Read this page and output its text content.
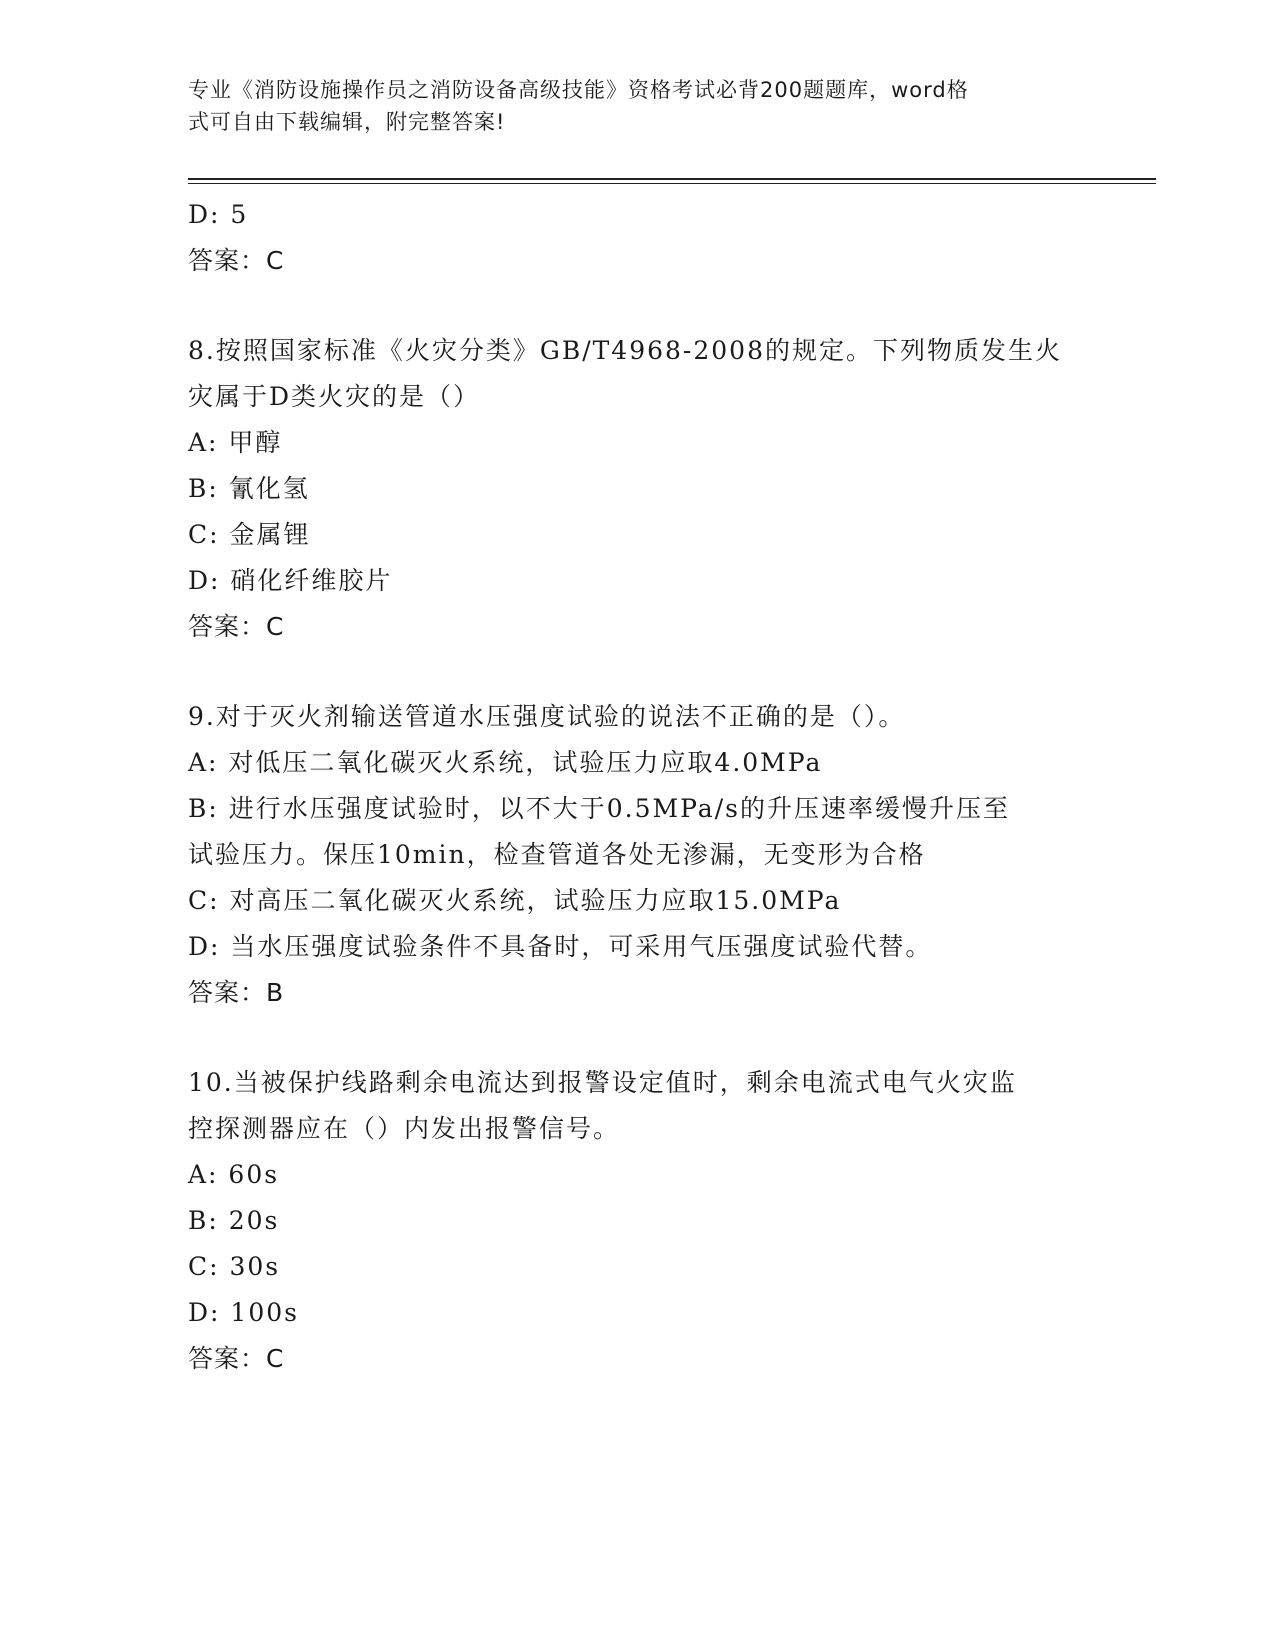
专业《消防设施操作员之消防设备高级技能》资格考试必背200题题库，word格
式可自由下载编辑，附完整答案!
D: 5
答案：C
8.按照国家标准《火灾分类》GB/T4968-2008的规定。下列物质发生火
灾属于D类火灾的是（）
A: 甲醇
B: 氰化氢
C: 金属锂
D: 硝化纤维胶片
答案：C
9.对于灭火剂输送管道水压强度试验的说法不正确的是（）。
A: 对低压二氧化碳灭火系统，试验压力应取4.0MPa
B: 进行水压强度试验时，以不大于0.5MPa/s的升压速率缓慢升压至
试验压力。保压10min，检查管道各处无渗漏，无变形为合格
C: 对高压二氧化碳灭火系统，试验压力应取15.0MPa
D: 当水压强度试验条件不具备时，可采用气压强度试验代替。
答案：B
10.当被保护线路剩余电流达到报警设定值时，剩余电流式电气火灾监
控探测器应在（）内发出报警信号。
A: 60s
B: 20s
C: 30s
D: 100s
答案：C
